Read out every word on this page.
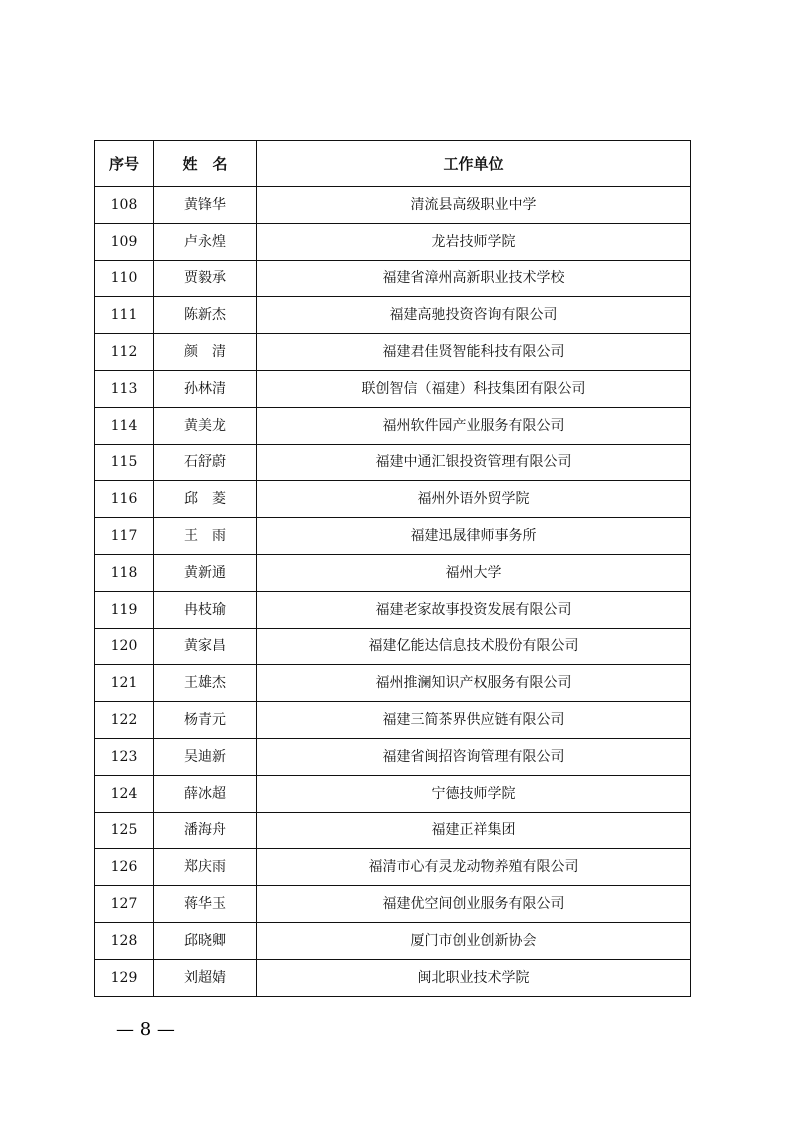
序号	姓　名	工作单位
108	黄锋华	清流县高级职业中学
109	卢永煌	龙岩技师学院
110	贾毅承	福建省漳州高新职业技术学校
111	陈新杰	福建高驰投资咨询有限公司
112	颜　清	福建君佳贤智能科技有限公司
113	孙林清	联创智信（福建）科技集团有限公司
114	黄美龙	福州软件园产业服务有限公司
115	石舒蔚	福建中通汇银投资管理有限公司
116	邱　菱	福州外语外贸学院
117	王　雨	福建迅晟律师事务所
118	黄新通	福州大学
119	冉枝瑜	福建老家故事投资发展有限公司
120	黄家昌	福建亿能达信息技术股份有限公司
121	王雄杰	福州推澜知识产权服务有限公司
122	杨青元	福建三简茶界供应链有限公司
123	吴迪新	福建省闽招咨询管理有限公司
124	薛冰超	宁德技师学院
125	潘海舟	福建正祥集团
126	郑庆雨	福清市心有灵龙动物养殖有限公司
127	蒋华玉	福建优空间创业服务有限公司
128	邱晓卿	厦门市创业创新协会
129	刘超婧	闽北职业技术学院
— 8 —
